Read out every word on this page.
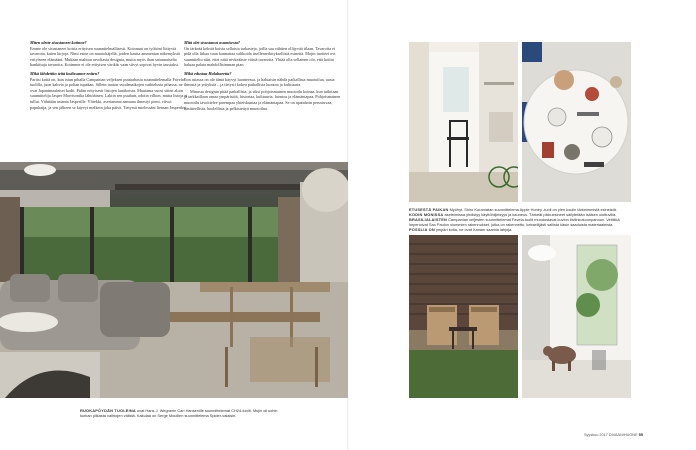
Miten olette sisustaneet kotinne?

Emme ole sisustaneet koista erityisen suunnitelmallisesti. Kotonani on työhöni liittyviä tavaroita, kuten kirjoja. Nimi esine on muotokäjellä, joiden kautta ammentan näkemyksiä erityiseen elämääni. Mukaan mahtuu arvokasta designia, mutta myös ihan satunnaiselta hankittuja tavaroita. Kotimme ei ole erityisen värikäs vaan siivyt sopivat hyvin taustaksi.

Mikä lähdettiin teitä kodissanne eniten?

Pariisi kotiä on, kun istun pihalla Campanian veljeksen puutarhasta suunnittelemalla Favela-tuolilla, juon kahvia ja poltan tupakan. Sillein tuoton vuodenaikojen vaihtelusta pihassa, ne ovat Japanimaalaiset kodit. Pidän erityisesti listojen laatikoista. Muutama vuosi sitten aloin suunnittelija Jasper Morrisonilta lähtöäinen. Lakiin sen puuhun, odotin vilkon, mutta listoja ei tullut. Vähitään asianta Jasperille. Ylitekki, aseriaruma aamuna ilmestyi pieni, viivoi papukaija, ja sen jälkeen se käyvyt melkein joka päivä. Tietyssä mielessäni liensan Jasperiksi.

Mitä olet sisustanut asumisesta?

On tärkeää keksiä koista sellaisia tarkasteja, joilla saa vähiten ollijyvää tilaan. Tavaroita ei pidä olla liikaa vaan kannattaa valikoida itsellemerkityksellisiä esineitä. Mojin tuotteet ovt suunniteltu niin, ettei niitä nivkeääste väistä tavaroita. Yhtää olla sellainen olo, että kotiin haluaa palata mahdollisimman pian.

Mikä edustaa Halaharetta?

Ilon asiassa on ole tämä käyvyt luonteessa, ja haluaisin nähdä paikallista muotoilua, uusia ihmisiä ja yrityksiä – ja tietysti kokea paikallista luontoa ja kulttuuria.

Minusta designin pitää paikallisia, ja siksi pohjoismainen muotoilu koinaa, kun tutkitaan ja tarkkaillaan omaa ympäristöä, historiaa, kulttuuria, luontoa ja elämäntapaa. Pohjoismainen muotoilu tavoittelee parempaa yhteiskuntaa ja elämäntapaa. Se on apatahoin perustuvaa, käsitteellistä, hoolellista ja pelkistettyä muotoilua.

ETUSESTÄ PAIKAN Myöhyt, Shiro Kuramatan suunnittelema Apple Honey -tuoli on ylen koulin tärkeimmistä esineistä. KODIN MONISSA asetelmissa yhdistyy käyttöhiljeisyys ja kauneus. Tärkeät pikkuesineet säilytetään isäisen ulottuvilla. BRASILIALAISTEN Campanian veljesten suunnittelemat Favela-tuolit muodostavat kuvion tiiviinkokoonpanoon. Veitikkä imperioivat Sao Paulon slummien rakennukset, jotka on rakennettu, keksellijästi saliista käsin saaduista materiaaleista. POSSLIA ON ympäri kotia, ne ovat Xanam saamia lahjoja.
RUOKAPÖYDÄN TUOLEINA ovat Hans J. Wegnerin Carl Hansenille suunnittelemat CH24-tuolit. Mujin oli sohin kurkan pilkasta vaihtojen välistä. Kakulaa on Serge Mouillen suunnittelema Spider-valaisin.
Syyskuu 2017 DIVAANIHUONE 55
